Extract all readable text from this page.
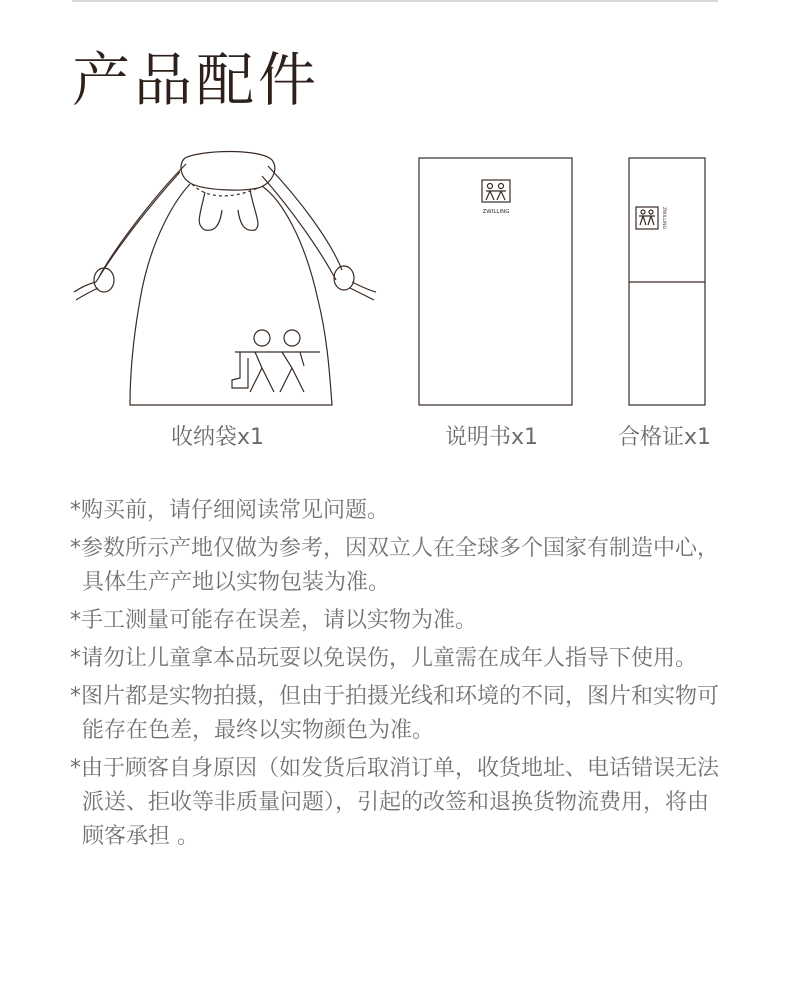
产品配件
ZWILLING	ZWILLING
收纳袋x1	说明书x1	合格证x1
*购买前，请仔细阅读常见问题。
*参数所示产地仅做为参考，因双立人在全球多个国家有制造中心，具体生产产地以实物包装为准。
*手工测量可能存在误差，请以实物为准。
*请勿让儿童拿本品玩耍以免误伤，儿童需在成年人指导下使用。
*图片都是实物拍摄，但由于拍摄光线和环境的不同，图片和实物可能存在色差，最终以实物颜色为准。
*由于顾客自身原因（如发货后取消订单，收货地址、电话错误无法派送、拒收等非质量问题），引起的改签和退换货物流费用，将由顾客承担 。
